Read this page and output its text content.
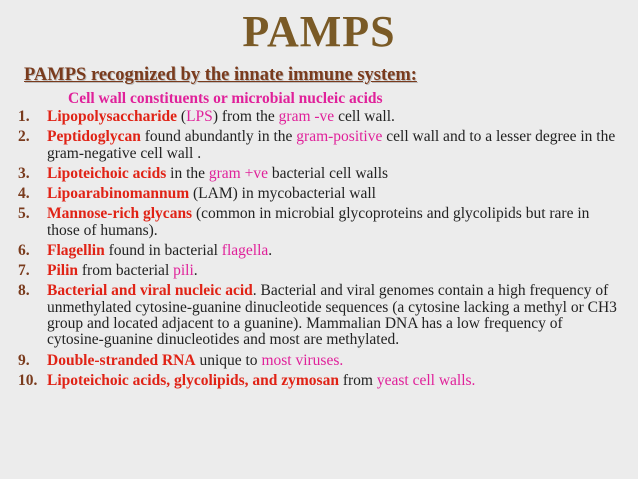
PAMPS
PAMPS recognized by the innate immune system:
Cell wall constituents or microbial nucleic acids
1. Lipopolysaccharide (LPS) from the gram -ve cell wall.
2. Peptidoglycan found abundantly in the gram-positive cell wall and to a lesser degree in the gram-negative cell wall .
3. Lipoteichoic acids in the gram +ve bacterial cell walls
4. Lipoarabinomannum (LAM) in mycobacterial wall
5. Mannose-rich glycans (common in microbial glycoproteins and glycolipids but rare in those of humans).
6. Flagellin found in bacterial flagella.
7. Pilin from bacterial pili.
8. Bacterial and viral nucleic acid. Bacterial and viral genomes contain a high frequency of unmethylated cytosine-guanine dinucleotide sequences (a cytosine lacking a methyl or CH3 group and located adjacent to a guanine). Mammalian DNA has a low frequency of cytosine-guanine dinucleotides and most are methylated.
9. Double-stranded RNA unique to most viruses.
10. Lipoteichoic acids, glycolipids, and zymosan from yeast cell walls.
